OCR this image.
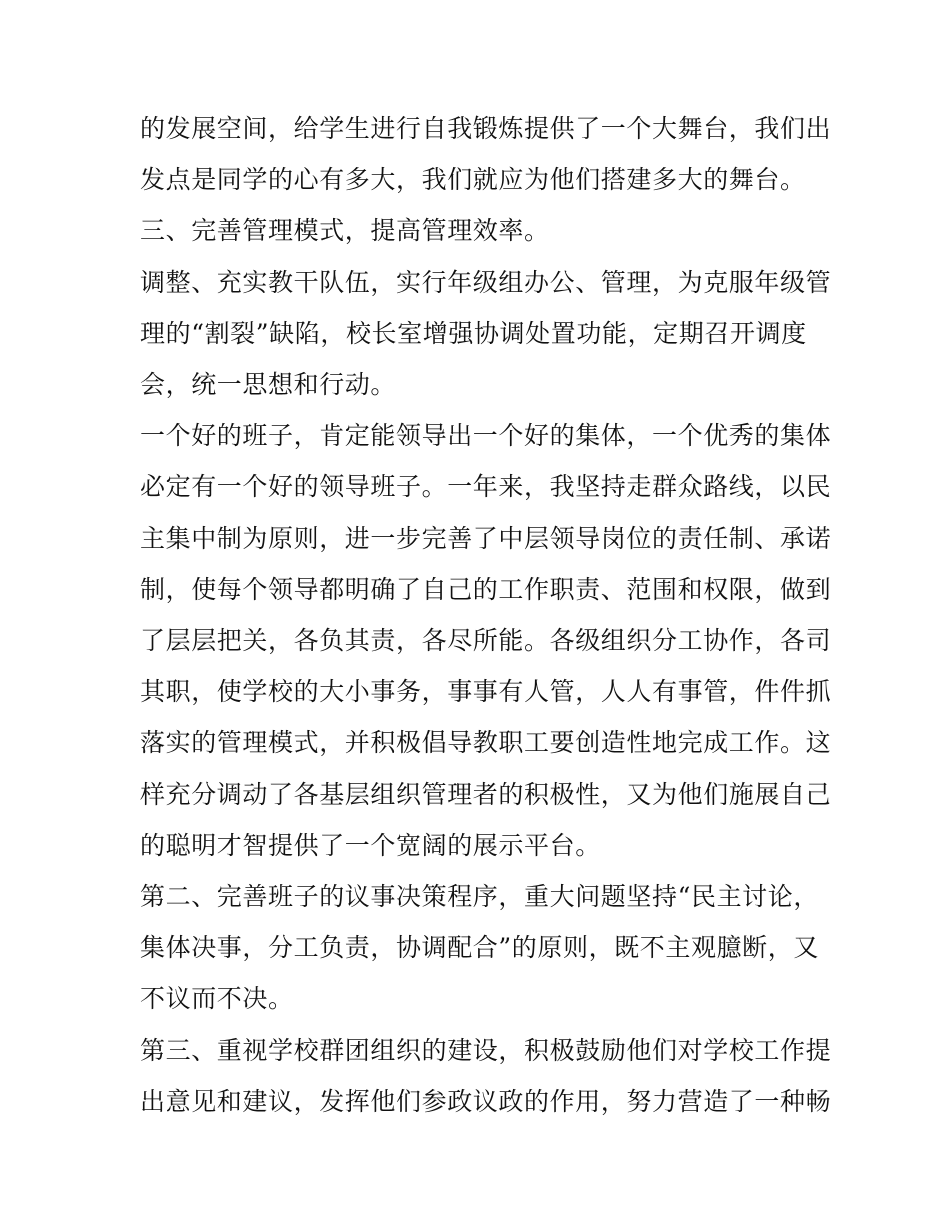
的发展空间，给学生进行自我锻炼提供了一个大舞台，我们出
发点是同学的心有多大，我们就应为他们搭建多大的舞台。
三、完善管理模式，提高管理效率。
调整、充实教干队伍，实行年级组办公、管理，为克服年级管
理的“割裂”缺陷，校长室增强协调处置功能，定期召开调度
会，统一思想和行动。
一个好的班子，肯定能领导出一个好的集体，一个优秀的集体
必定有一个好的领导班子。一年来，我坚持走群众路线，以民
主集中制为原则，进一步完善了中层领导岗位的责任制、承诺
制，使每个领导都明确了自己的工作职责、范围和权限，做到
了层层把关，各负其责，各尽所能。各级组织分工协作，各司
其职，使学校的大小事务，事事有人管，人人有事管，件件抓
落实的管理模式，并积极倡导教职工要创造性地完成工作。这
样充分调动了各基层组织管理者的积极性，又为他们施展自己
的聪明才智提供了一个宽阔的展示平台。
第二、完善班子的议事决策程序，重大问题坚持“民主讨论，
集体决事，分工负责，协调配合”的原则，既不主观臆断，又
不议而不决。
第三、重视学校群团组织的建设，积极鼓励他们对学校工作提
出意见和建议，发挥他们参政议政的作用，努力营造了一种畅
